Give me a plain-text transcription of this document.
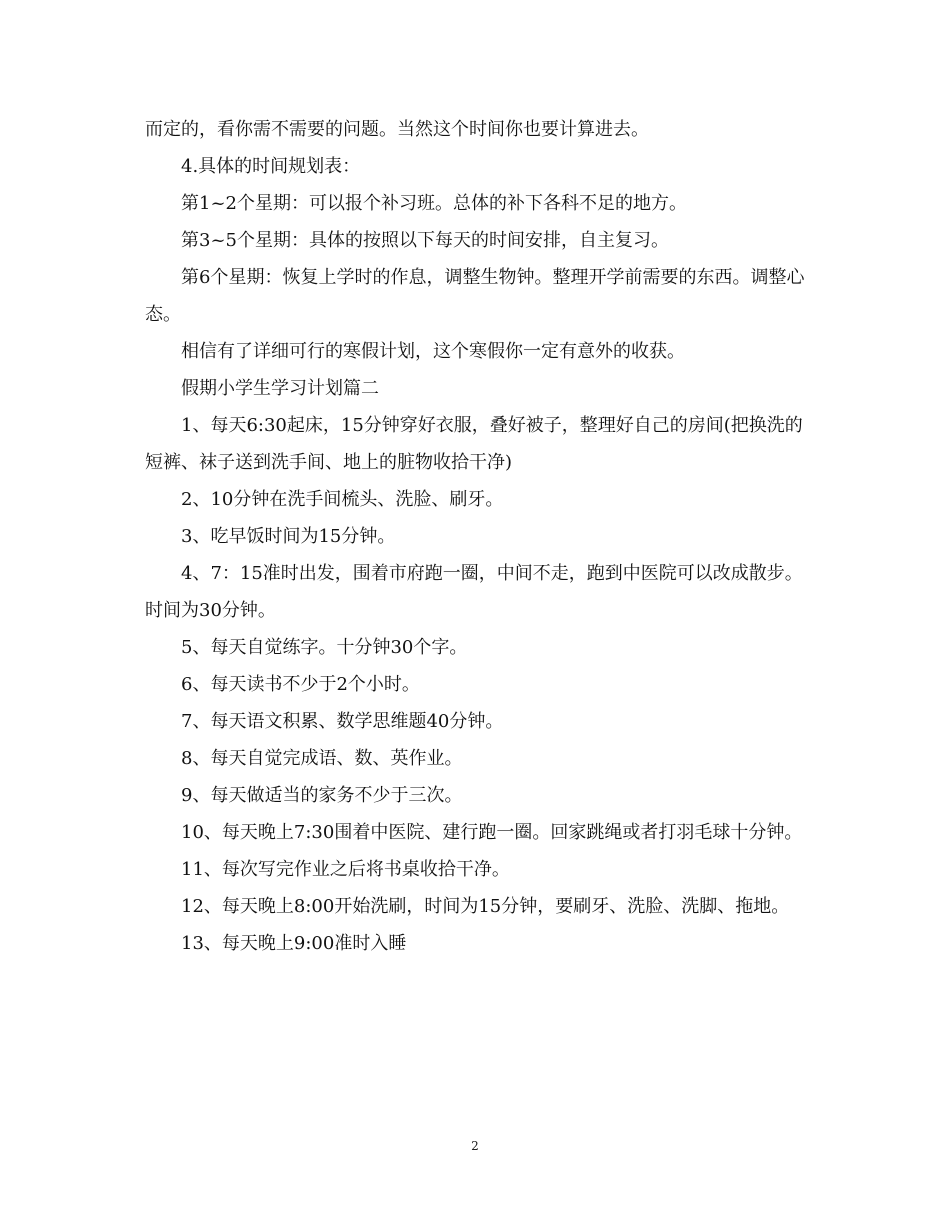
而定的，看你需不需要的问题。当然这个时间你也要计算进去。

4.具体的时间规划表：

第1~2个星期：可以报个补习班。总体的补下各科不足的地方。

第3~5个星期：具体的按照以下每天的时间安排，自主复习。

第6个星期：恢复上学时的作息，调整生物钟。整理开学前需要的东西。调整心态。

相信有了详细可行的寒假计划，这个寒假你一定有意外的收获。

假期小学生学习计划篇二

1、每天6:30起床，15分钟穿好衣服，叠好被子，整理好自己的房间(把换洗的短裤、袜子送到洗手间、地上的脏物收拾干净)

2、10分钟在洗手间梳头、洗脸、刷牙。

3、吃早饭时间为15分钟。

4、7：15准时出发，围着市府跑一圈，中间不走，跑到中医院可以改成散步。时间为30分钟。

5、每天自觉练字。十分钟30个字。

6、每天读书不少于2个小时。

7、每天语文积累、数学思维题40分钟。

8、每天自觉完成语、数、英作业。

9、每天做适当的家务不少于三次。

10、每天晚上7:30围着中医院、建行跑一圈。回家跳绳或者打羽毛球十分钟。

11、每次写完作业之后将书桌收拾干净。

12、每天晚上8:00开始洗刷，时间为15分钟，要刷牙、洗脸、洗脚、拖地。

13、每天晚上9:00准时入睡

2
